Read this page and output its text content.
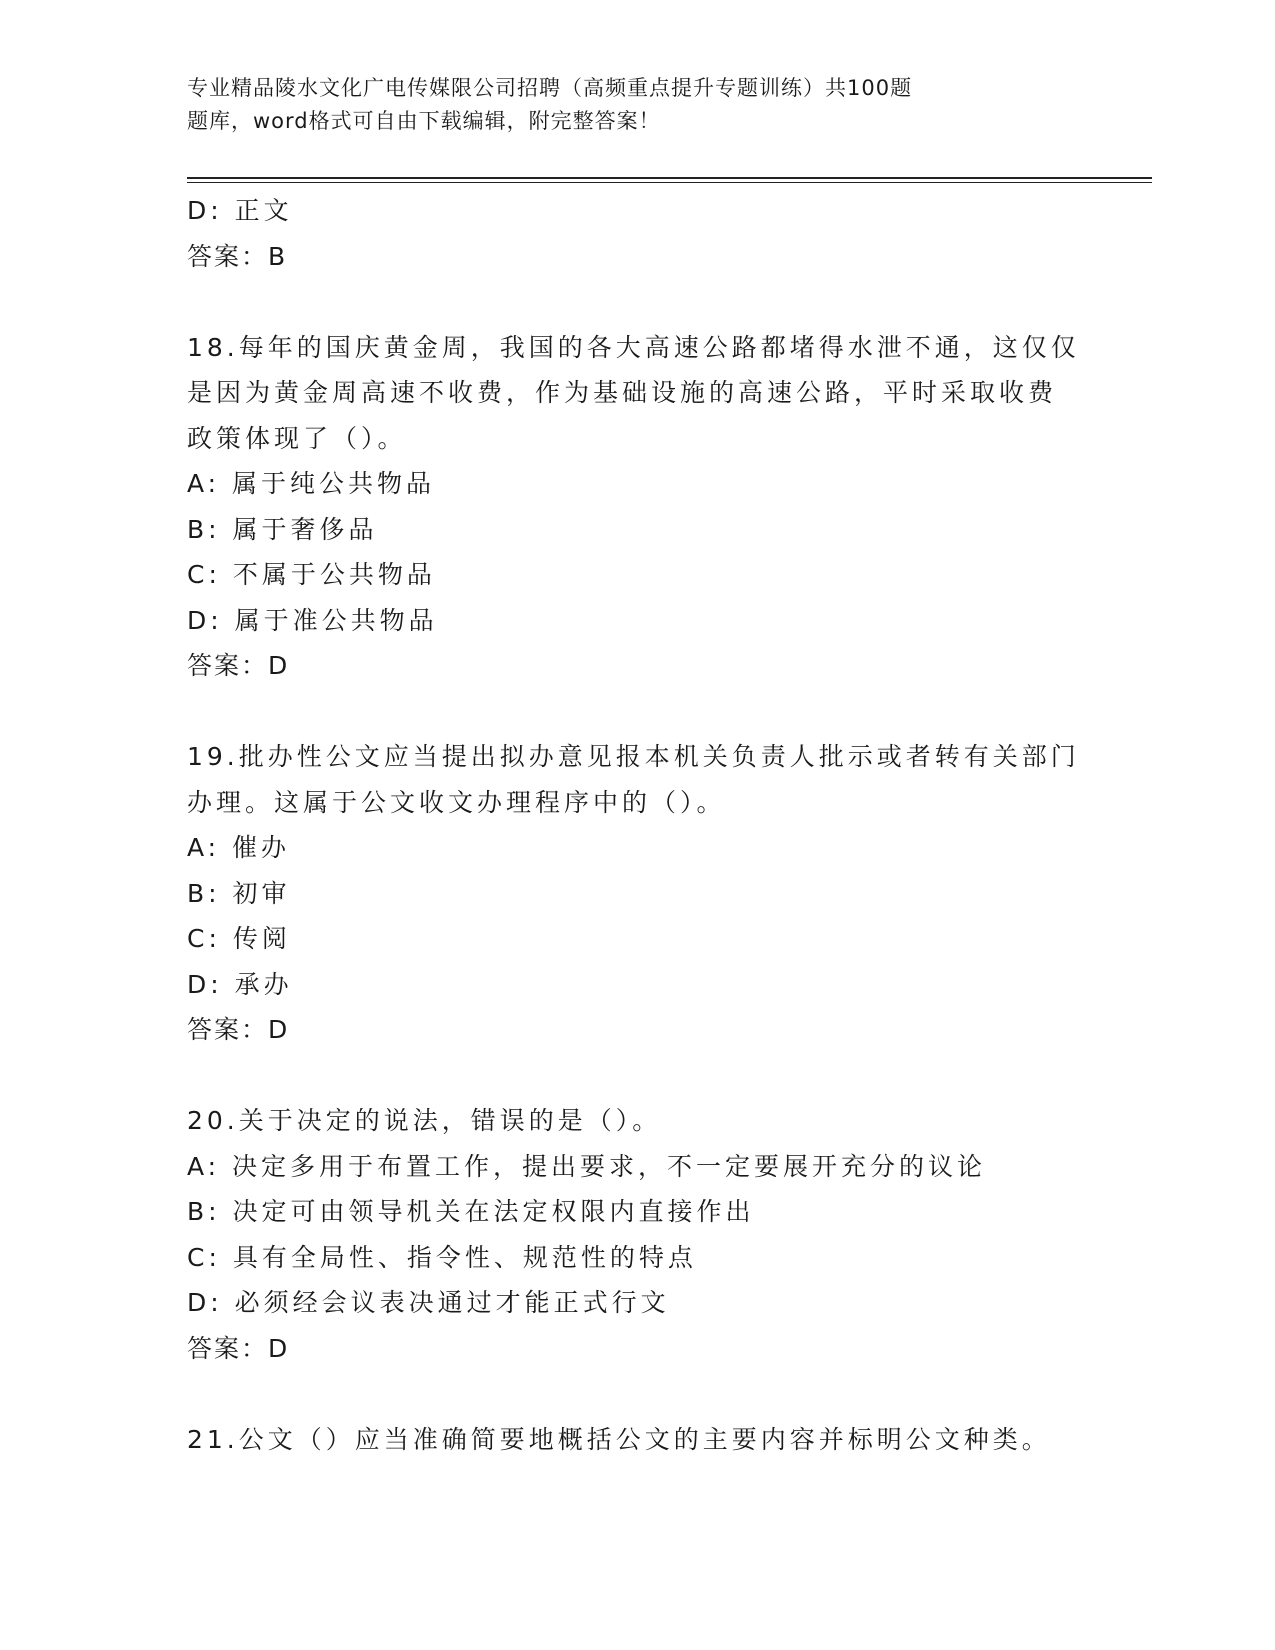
专业精品陵水文化广电传媒限公司招聘（高频重点提升专题训练）共100题
题库，word格式可自由下载编辑，附完整答案！
D: 正文
答案：B
18.每年的国庆黄金周，我国的各大高速公路都堵得水泄不通，这仅仅
是因为黄金周高速不收费，作为基础设施的高速公路，平时采取收费
政策体现了（）。
A: 属于纯公共物品
B: 属于奢侈品
C: 不属于公共物品
D: 属于准公共物品
答案：D
19.批办性公文应当提出拟办意见报本机关负责人批示或者转有关部门
办理。这属于公文收文办理程序中的（）。
A: 催办
B: 初审
C: 传阅
D: 承办
答案：D
20.关于决定的说法，错误的是（）。
A: 决定多用于布置工作，提出要求，不一定要展开充分的议论
B: 决定可由领导机关在法定权限内直接作出
C: 具有全局性、指令性、规范性的特点
D: 必须经会议表决通过才能正式行文
答案：D
21.公文（）应当准确简要地概括公文的主要内容并标明公文种类。
